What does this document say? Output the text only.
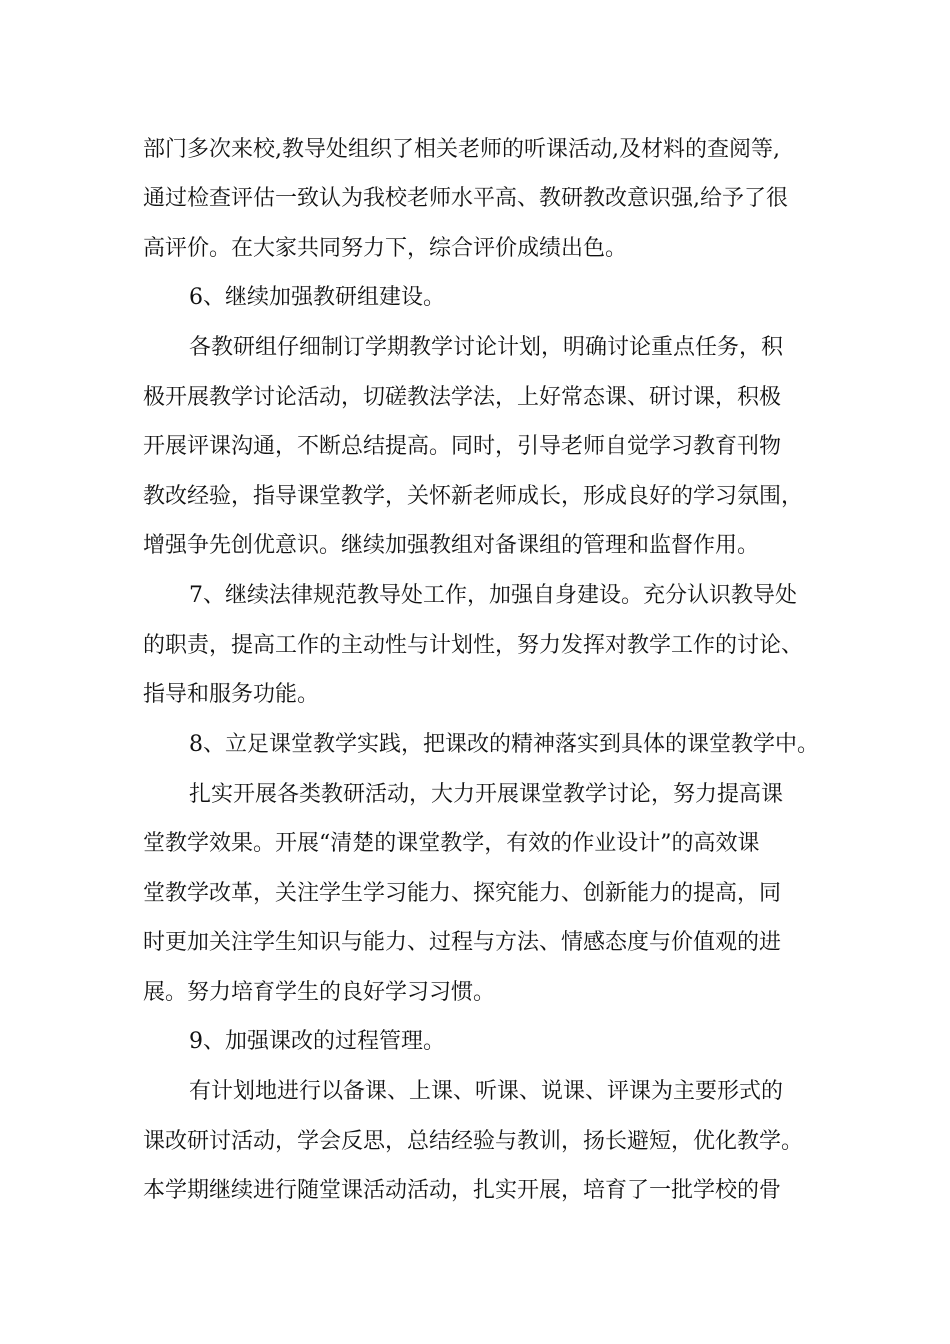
部门多次来校,教导处组织了相关老师的听课活动,及材料的查阅等,
通过检查评估一致认为我校老师水平高、教研教改意识强,给予了很
高评价。在大家共同努力下，综合评价成绩出色。
6、继续加强教研组建设。
各教研组仔细制订学期教学讨论计划，明确讨论重点任务，积
极开展教学讨论活动，切磋教法学法，上好常态课、研讨课，积极
开展评课沟通，不断总结提高。同时，引导老师自觉学习教育刊物
教改经验，指导课堂教学，关怀新老师成长，形成良好的学习氛围，
增强争先创优意识。继续加强教组对备课组的管理和监督作用。
7、继续法律规范教导处工作，加强自身建设。充分认识教导处
的职责，提高工作的主动性与计划性，努力发挥对教学工作的讨论、
指导和服务功能。
8、立足课堂教学实践，把课改的精神落实到具体的课堂教学中。
扎实开展各类教研活动，大力开展课堂教学讨论，努力提高课
堂教学效果。开展“清楚的课堂教学，有效的作业设计”的高效课
堂教学改革，关注学生学习能力、探究能力、创新能力的提高，同
时更加关注学生知识与能力、过程与方法、情感态度与价值观的进
展。努力培育学生的良好学习习惯。
9、加强课改的过程管理。
有计划地进行以备课、上课、听课、说课、评课为主要形式的
课改研讨活动，学会反思，总结经验与教训，扬长避短，优化教学。
本学期继续进行随堂课活动活动，扎实开展，培育了一批学校的骨
